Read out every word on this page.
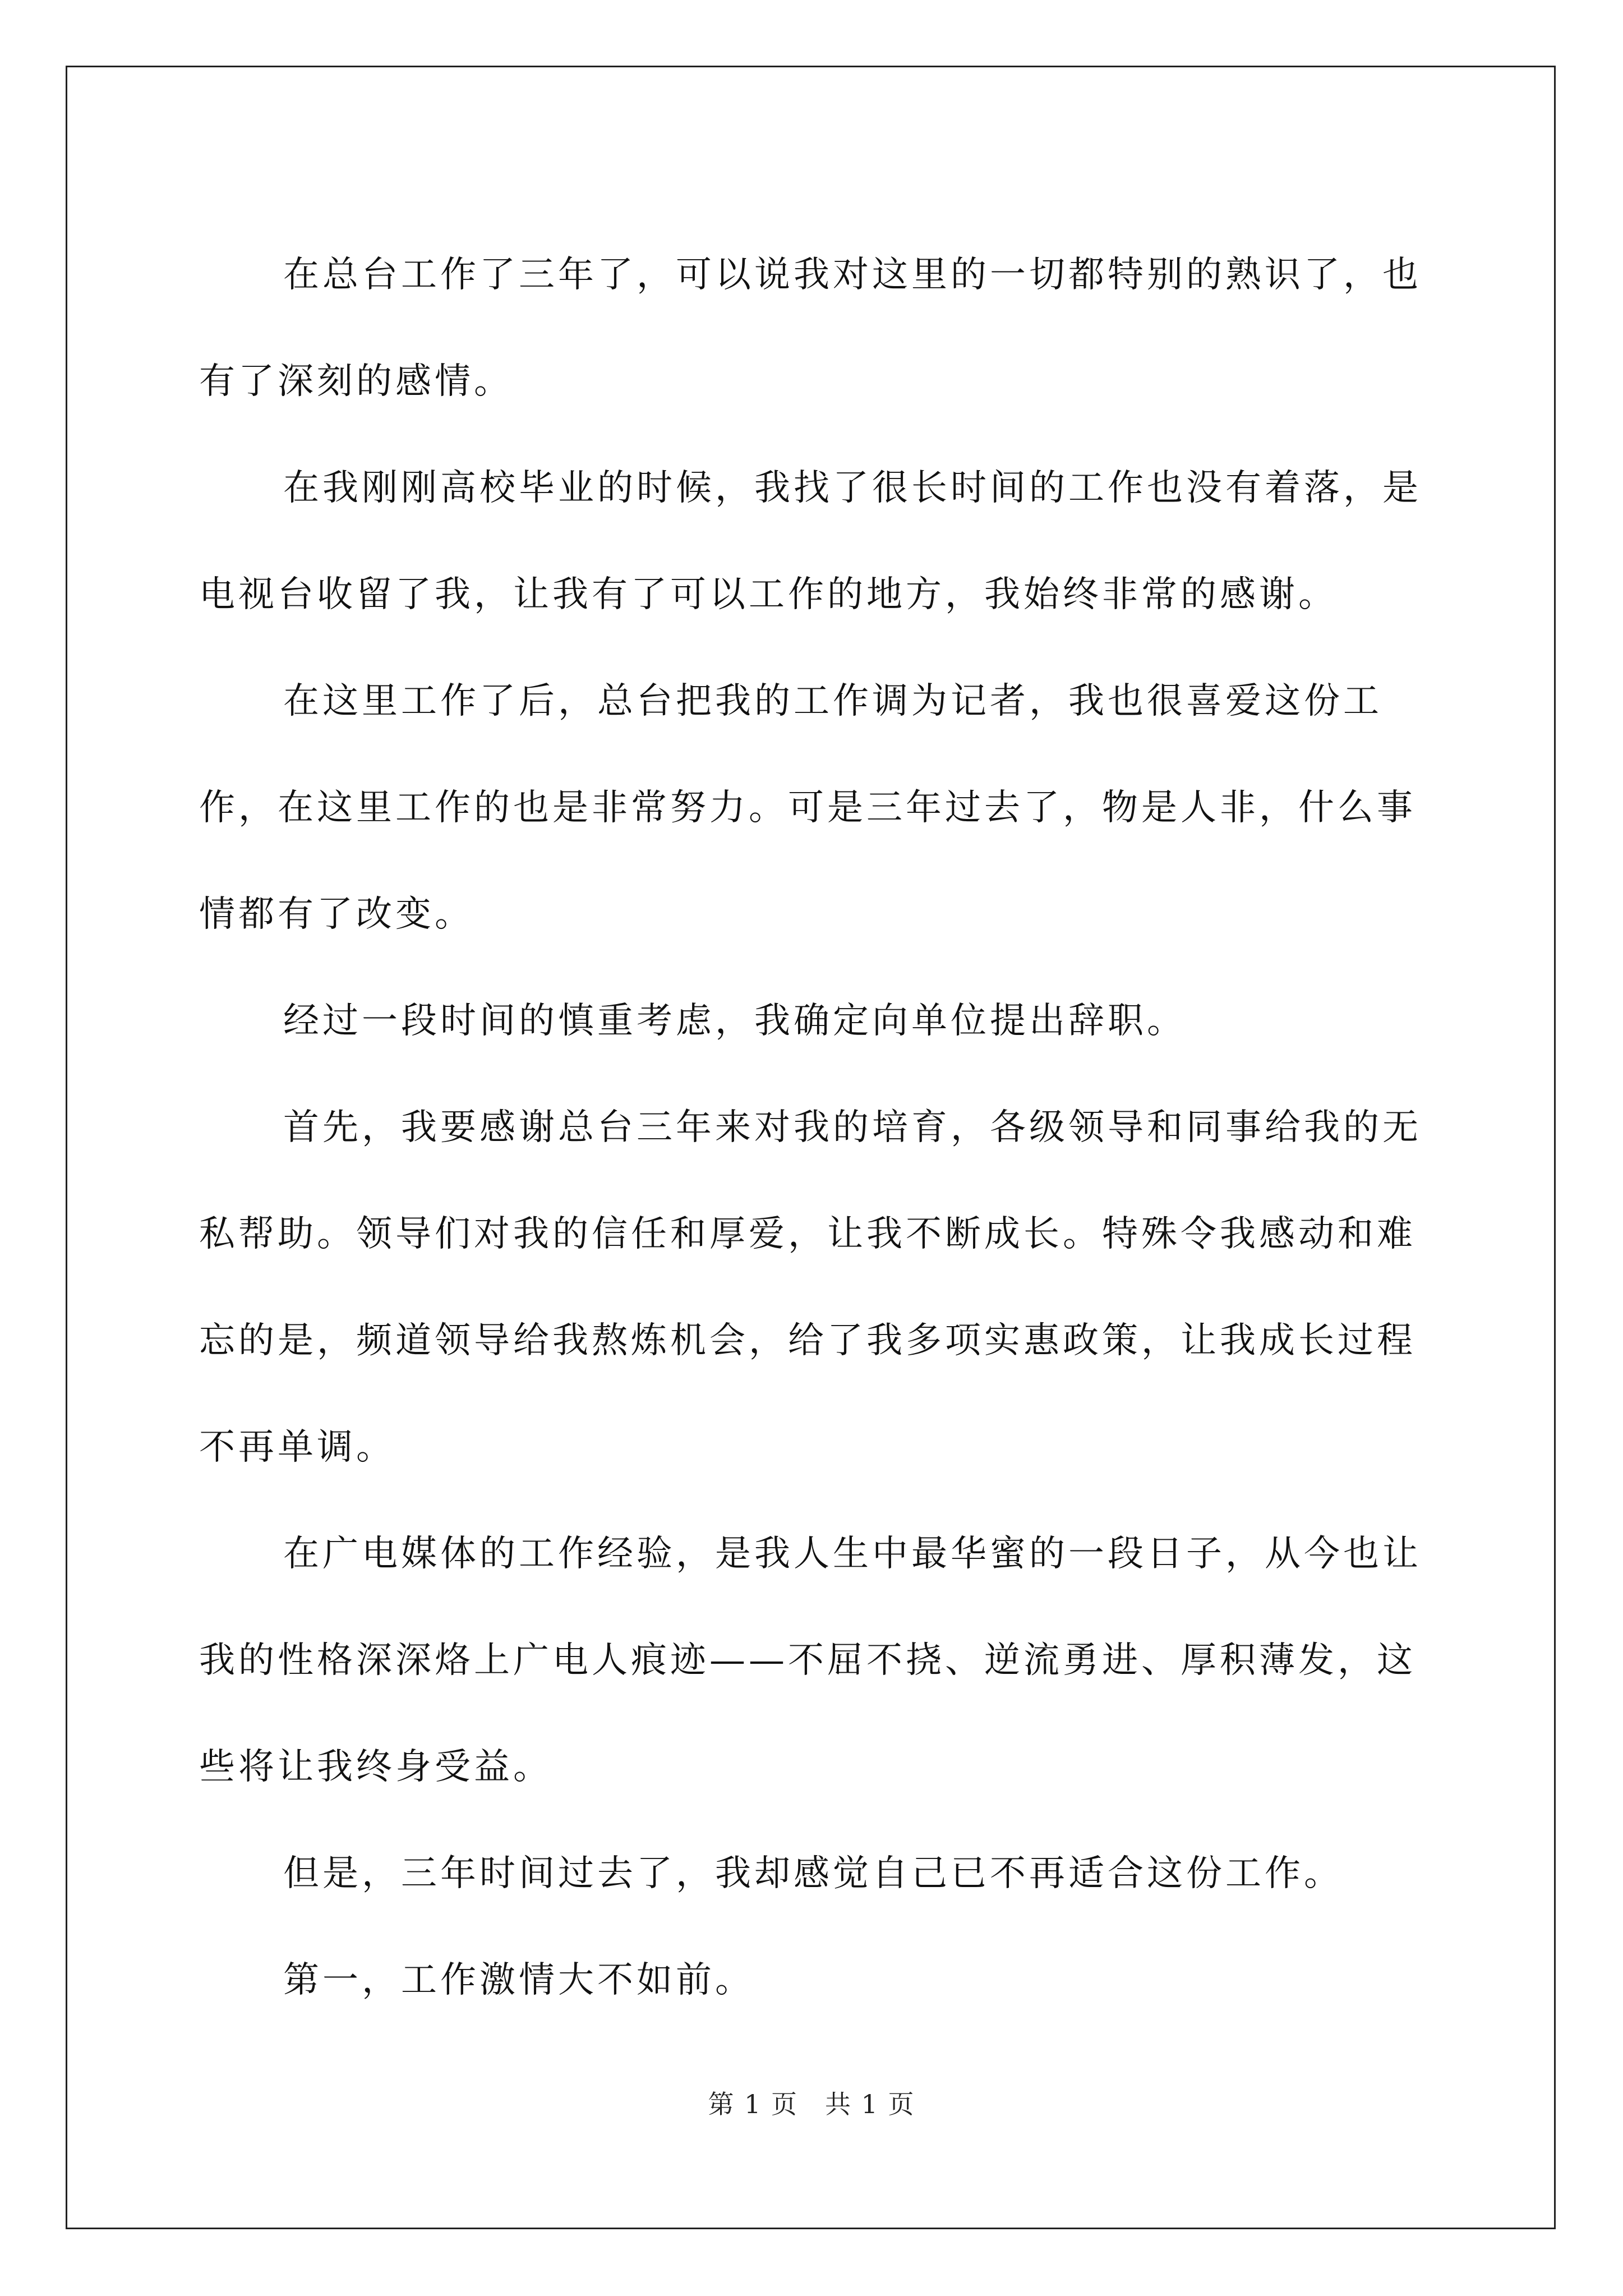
在总台工作了三年了，可以说我对这里的一切都特别的熟识了，也有了深刻的感情。

在我刚刚高校毕业的时候，我找了很长时间的工作也没有着落，是电视台收留了我，让我有了可以工作的地方，我始终非常的感谢。

在这里工作了后，总台把我的工作调为记者，我也很喜爱这份工作，在这里工作的也是非常努力。可是三年过去了，物是人非，什么事情都有了改变。

经过一段时间的慎重考虑，我确定向单位提出辞职。

首先，我要感谢总台三年来对我的培育，各级领导和同事给我的无私帮助。领导们对我的信任和厚爱，让我不断成长。特殊令我感动和难忘的是，频道领导给我熬炼机会，给了我多项实惠政策，让我成长过程不再单调。

在广电媒体的工作经验，是我人生中最华蜜的一段日子，从今也让我的性格深深烙上广电人痕迹——不屈不挠、逆流勇进、厚积薄发，这些将让我终身受益。

但是，三年时间过去了，我却感觉自己已不再适合这份工作。

第一，工作激情大不如前。

第 1 页　共 1 页
